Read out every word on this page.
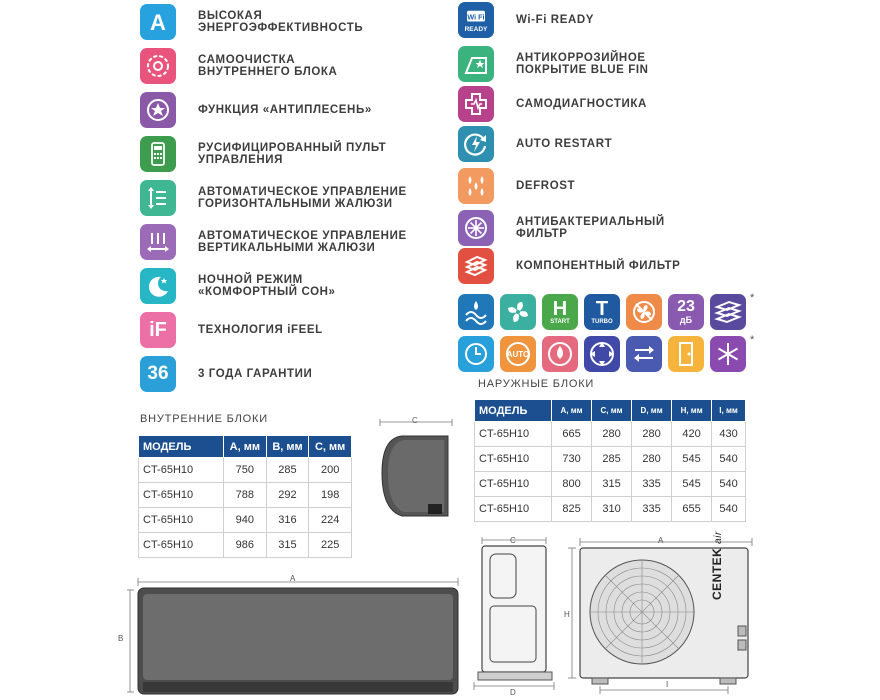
A	ВЫСОКАЯ
ЭНЕРГОЭФФЕКТИВНОСТЬ
САМООЧИСТКА
ВНУТРЕННЕГО БЛОКА
ФУНКЦИЯ «АНТИПЛЕСЕНЬ»
РУСИФИЦИРОВАННЫЙ ПУЛЬТ
УПРАВЛЕНИЯ
АВТОМАТИЧЕСКОЕ УПРАВЛЕНИЕ
ГОРИЗОНТАЛЬНЫМИ ЖАЛЮЗИ
АВТОМАТИЧЕСКОЕ УПРАВЛЕНИЕ
ВЕРТИКАЛЬНЫМИ ЖАЛЮЗИ
НОЧНОЙ РЕЖИМ
«КОМФОРТНЫЙ СОН»
iF	ТЕХНОЛОГИЯ iFEEL
36	3 ГОДА ГАРАНТИИ
Wi Fi
READY
Wi-Fi READY
АНТИКОРРОЗИЙНОЕ
ПОКРЫТИЕ BLUE FIN
САМОДИАГНОСТИКА
AUTO RESTART
DEFROST
АНТИБАКТЕРИАЛЬНЫЙ
ФИЛЬТР
КОМПОНЕНТНЫЙ ФИЛЬТР
H
START
T
TURBO
23
дБ
*
AUTO
*
ВНУТРЕННИЕ БЛОКИ
МОДЕЛЬ	А, мм	В, мм	С, мм
CT-65H10	750	285	200
CT-65H10	788	292	198
CT-65H10	940	316	224
CT-65H10	986	315	225
НАРУЖНЫЕ БЛОКИ
МОДЕЛЬ	A, мм	C, мм	D, мм	H, мм	I, мм
CT-65H10	665	280	280	420	430
CT-65H10	730	285	280	545	540
CT-65H10	800	315	335	545	540
CT-65H10	825	310	335	655	540
C
A
B
C
D
CENTEK air
A
H
I
